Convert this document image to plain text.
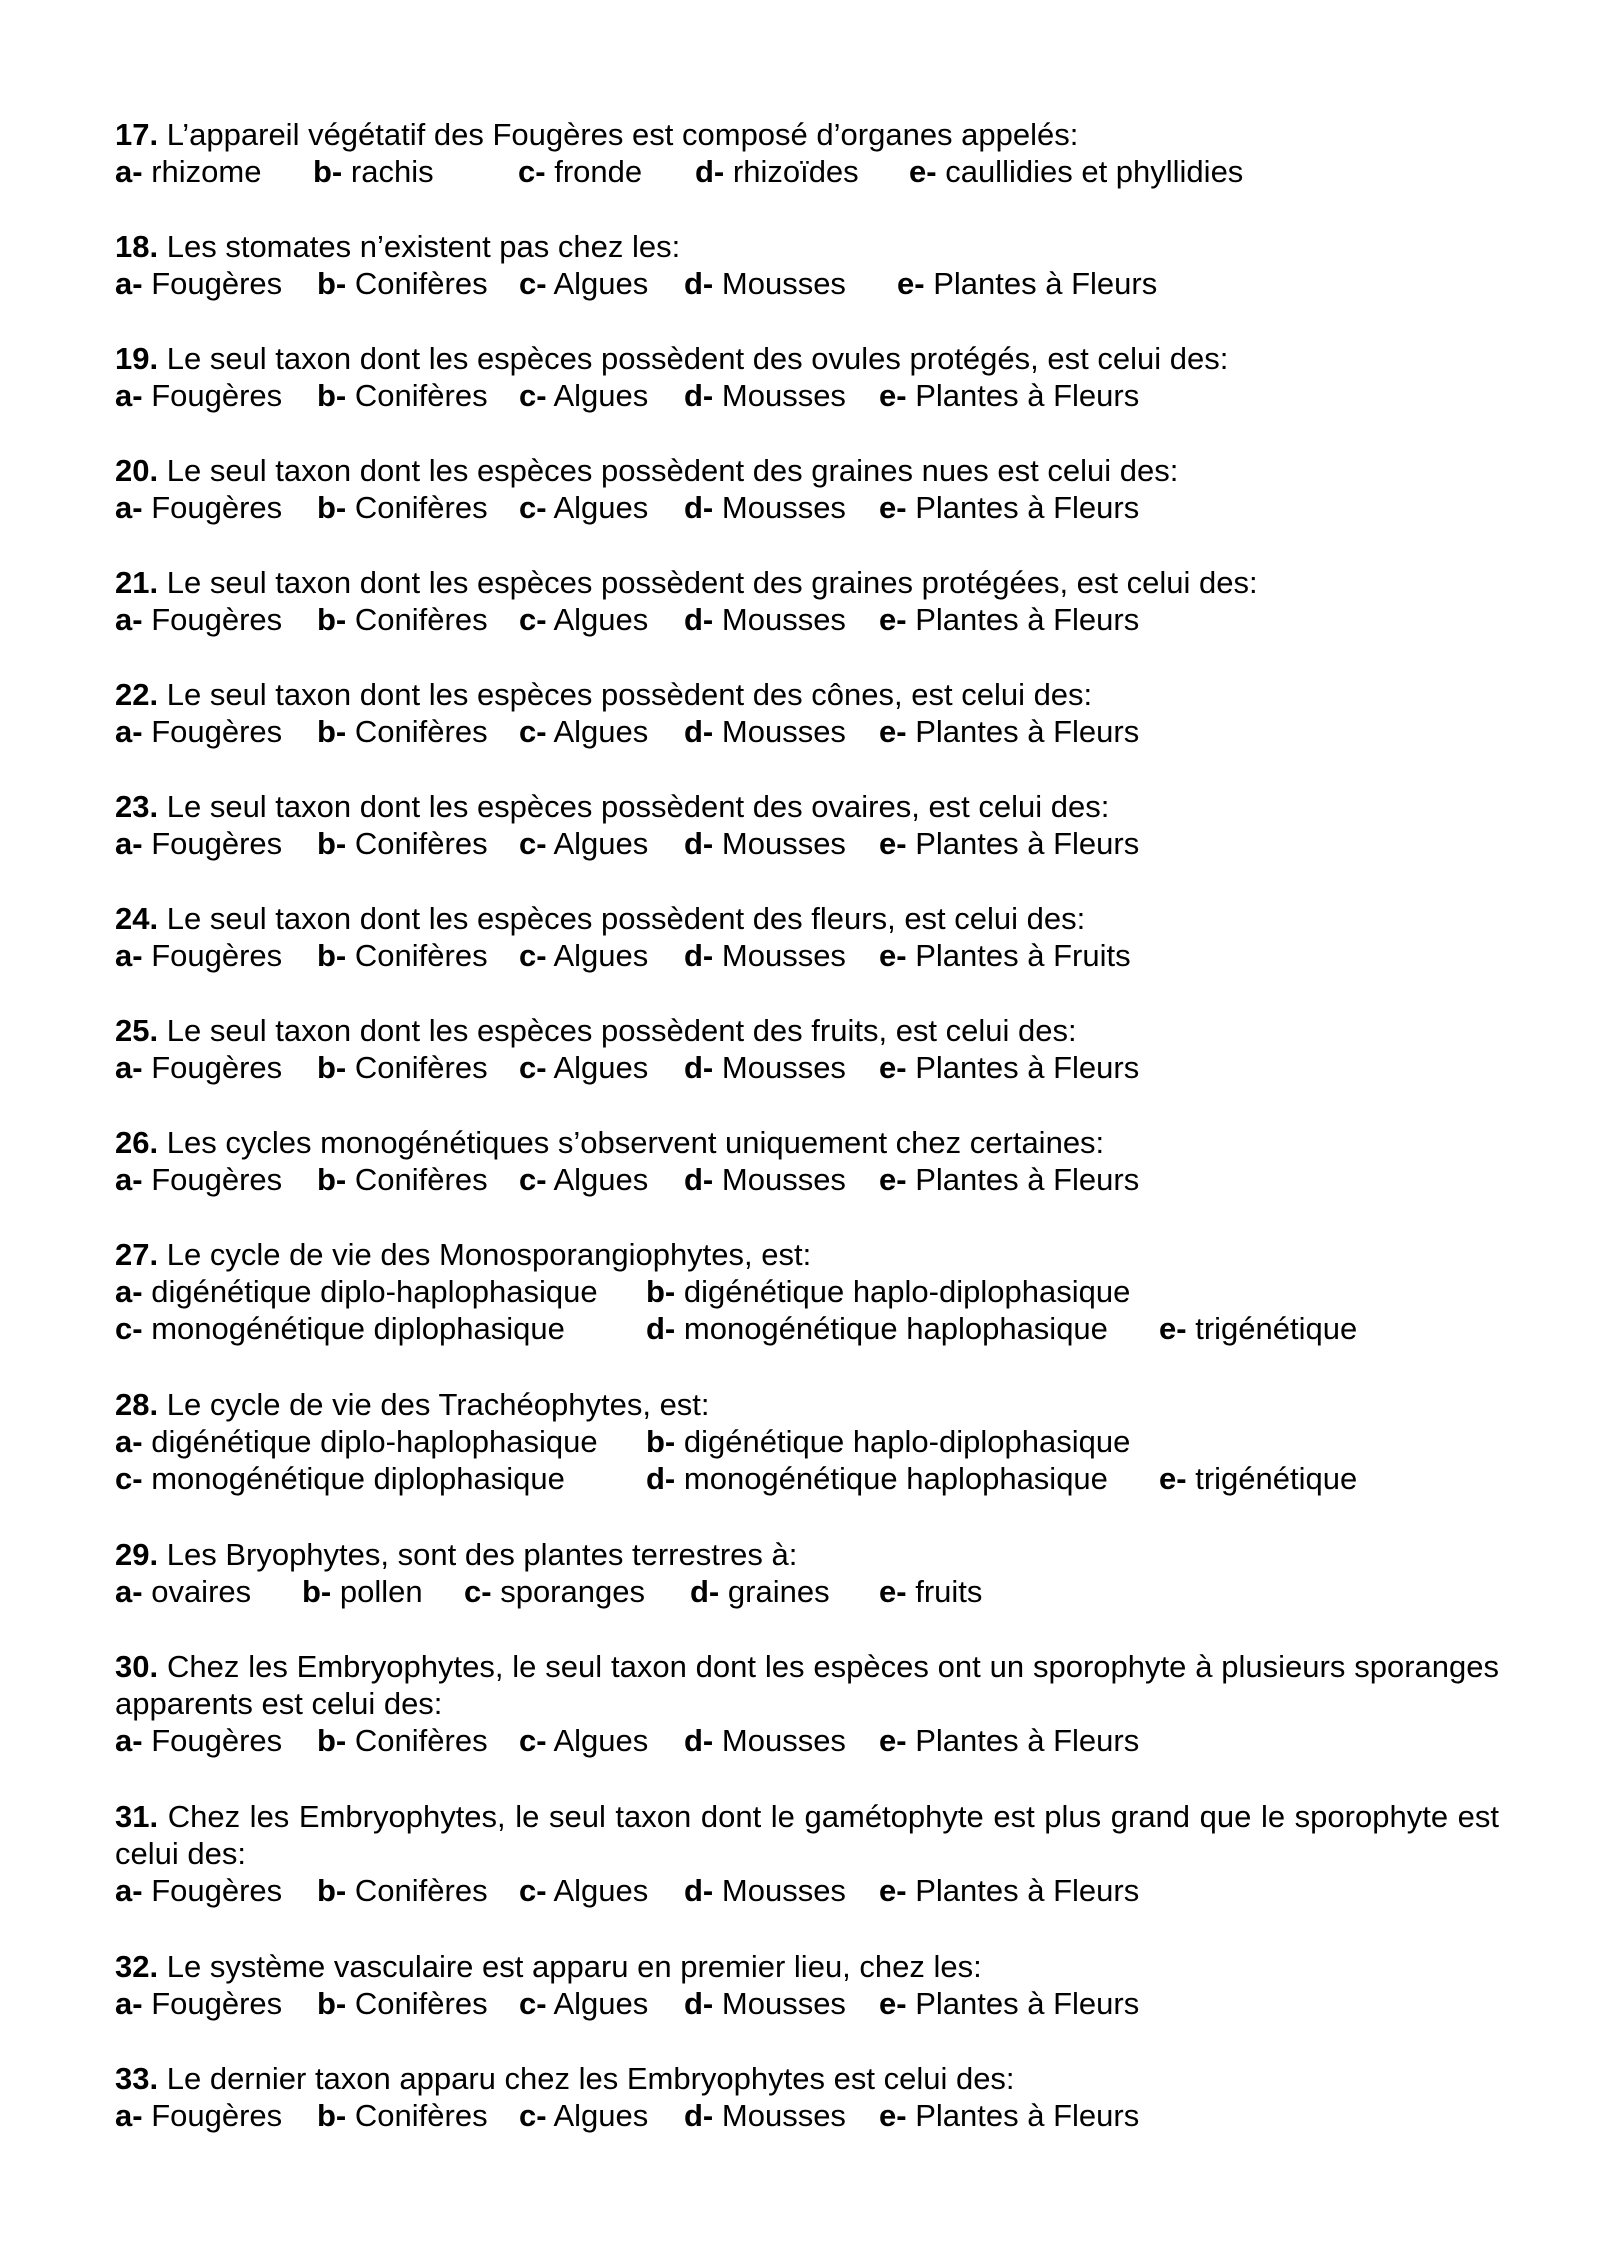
17. L’appareil végétatif des Fougères est composé d’organes appelés:

a- rhizome b- rachis	c- fronde d- rhizoïdes e- caullidies et phyllidies

18. Les stomates n’existent pas chez les:

a- Fougères b- Conifères c- Algues d- Mousses e- Plantes à Fleurs

19. Le seul taxon dont les espèces possèdent des ovules protégés, est celui des:

a- Fougères b- Conifères c- Algues d- Mousses e- Plantes à Fleurs

20. Le seul taxon dont les espèces possèdent des graines nues est celui des:

a- Fougères b- Conifères c- Algues d- Mousses e- Plantes à Fleurs

21. Le seul taxon dont les espèces possèdent des graines protégées, est celui des:

a- Fougères b- Conifères c- Algues d- Mousses e- Plantes à Fleurs

22. Le seul taxon dont les espèces possèdent des cônes, est celui des:

a- Fougères b- Conifères c- Algues d- Mousses e- Plantes à Fleurs

23. Le seul taxon dont les espèces possèdent des ovaires, est celui des:

a- Fougères b- Conifères c- Algues d- Mousses e- Plantes à Fleurs

24. Le seul taxon dont les espèces possèdent des fleurs, est celui des:

a- Fougères b- Conifères c- Algues d- Mousses e- Plantes à Fruits

25. Le seul taxon dont les espèces possèdent des fruits, est celui des:

a- Fougères b- Conifères c- Algues d- Mousses e- Plantes à Fleurs

26. Les cycles monogénétiques s’observent uniquement chez certaines:

a- Fougères b- Conifères c- Algues d- Mousses e- Plantes à Fleurs

27. Le cycle de vie des Monosporangiophytes, est:

a- digénétique diplo-haplophasique b- digénétique haplo-diplophasique
c- monogénétique diplophasique	d- monogénétique haplophasique e- trigénétique

28. Le cycle de vie des Trachéophytes, est:

a- digénétique diplo-haplophasique b- digénétique haplo-diplophasique
c- monogénétique diplophasique	d- monogénétique haplophasique e- trigénétique

29. Les Bryophytes, sont des plantes terrestres à:

a- ovaires b- pollen c- sporanges d- graines e- fruits

30. Chez les Embryophytes, le seul taxon dont les espèces ont un sporophyte à plusieurs sporanges apparents est celui des:

a- Fougères b- Conifères c- Algues d- Mousses e- Plantes à Fleurs

31. Chez les Embryophytes, le seul taxon dont le gamétophyte est plus grand que le sporophyte est celui des:

a- Fougères b- Conifères c- Algues d- Mousses e- Plantes à Fleurs

32. Le système vasculaire est apparu en premier lieu, chez les:

a- Fougères b- Conifères c- Algues d- Mousses e- Plantes à Fleurs

33. Le dernier taxon apparu chez les Embryophytes est celui des:

a- Fougères b- Conifères c- Algues d- Mousses e- Plantes à Fleurs
